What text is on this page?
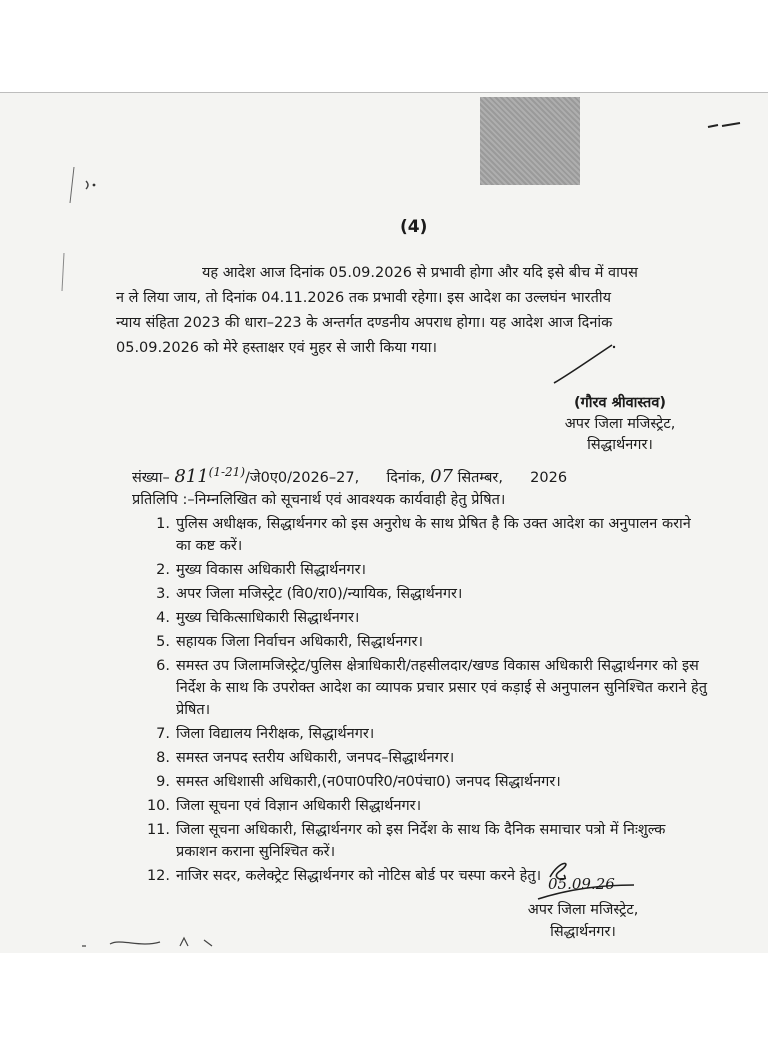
(4)

यह आदेश आज दिनांक 05.09.2026 से प्रभावी होगा और यदि इसे बीच में वापस
न ले लिया जाय, तो दिनांक 04.11.2026 तक प्रभावी रहेगा। इस आदेश का उल्लघंन भारतीय
न्याय संहिता 2023 की धारा–223 के अन्तर्गत दण्डनीय अपराध होगा। यह आदेश आज दिनांक
05.09.2026 को मेरे हस्ताक्षर एवं मुहर से जारी किया गया।

(गौरव श्रीवास्तव)
अपर जिला मजिस्ट्रेट,
सिद्धार्थनगर।
संख्या– 811$^{(1-21)}$/जे0ए0/2026–27, दिनांक, 07 सितम्बर, 2026
प्रतिलिपि :–निम्नलिखित को सूचनार्थ एवं आवश्यक कार्यवाही हेतु प्रेषित।
1. पुलिस अधीक्षक, सिद्धार्थनगर को इस अनुरोध के साथ प्रेषित है कि उक्त आदेश का अनुपालन कराने का कष्ट करें।
2. मुख्य विकास अधिकारी सिद्धार्थनगर।
3. अपर जिला मजिस्ट्रेट (वि0/रा0)/न्यायिक, सिद्धार्थनगर।
4. मुख्य चिकित्साधिकारी सिद्धार्थनगर।
5. सहायक जिला निर्वाचन अधिकारी, सिद्धार्थनगर।
6. समस्त उप जिलामजिस्ट्रेट/पुलिस क्षेत्राधिकारी/तहसीलदार/खण्ड विकास अधिकारी सिद्धार्थनगर को इस निर्देश के साथ कि उपरोक्त आदेश का व्यापक प्रचार प्रसार एवं कड़ाई से अनुपालन सुनिश्चित कराने हेतु प्रेषित।
7. जिला विद्यालय निरीक्षक, सिद्धार्थनगर।
8. समस्त जनपद स्तरीय अधिकारी, जनपद–सिद्धार्थनगर।
9. समस्त अधिशासी अधिकारी,(न0पा0परि0/न0पंचा0) जनपद सिद्धार्थनगर।
10. जिला सूचना एवं विज्ञान अधिकारी सिद्धार्थनगर।
11. जिला सूचना अधिकारी, सिद्धार्थनगर को इस निर्देश के साथ कि दैनिक समाचार पत्रो में निःशुल्क प्रकाशन कराना सुनिश्चित करें।
12. नाजिर सदर, कलेक्ट्रेट सिद्धार्थनगर को नोटिस बोर्ड पर चस्पा करने हेतु। 05.09.26
अपर जिला मजिस्ट्रेट,
सिद्धार्थनगर।
